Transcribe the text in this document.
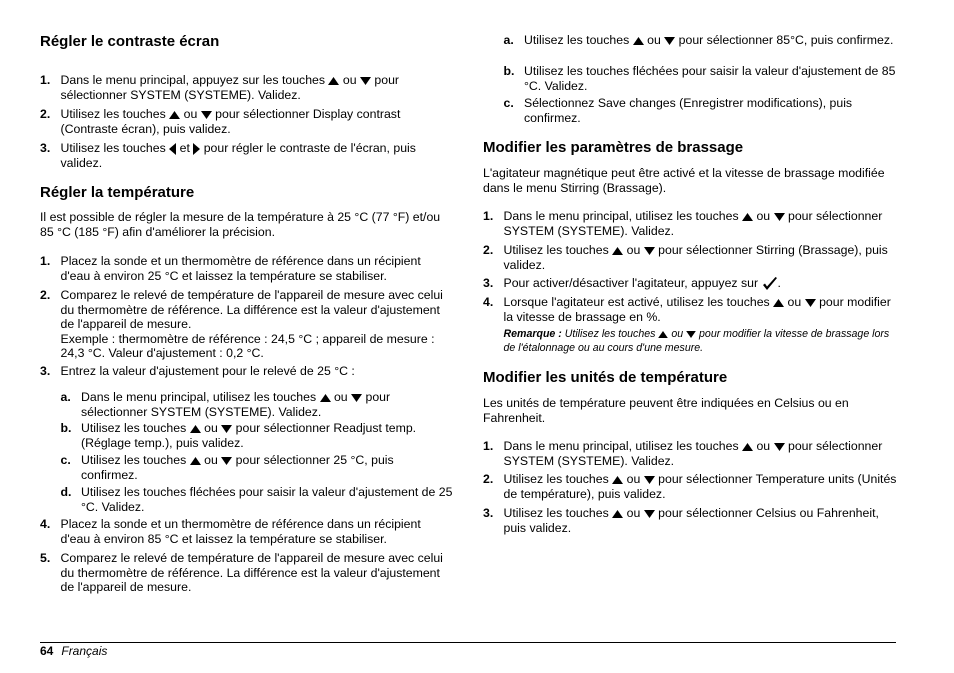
Régler le contraste écran
1. Dans le menu principal, appuyez sur les touches ou pour sélectionner SYSTEM (SYSTEME). Validez.
2. Utilisez les touches ou pour sélectionner Display contrast (Contraste écran), puis validez.
3. Utilisez les touches et pour régler le contraste de l'écran, puis validez.
Régler la température
Il est possible de régler la mesure de la température à 25 °C (77 °F) et/ou 85 °C (185 °F) afin d'améliorer la précision.
1. Placez la sonde et un thermomètre de référence dans un récipient d'eau à environ 25 °C et laissez la température se stabiliser.
2. Comparez le relevé de température de l'appareil de mesure avec celui du thermomètre de référence. La différence est la valeur d'ajustement de l'appareil de mesure.
Exemple : thermomètre de référence : 24,5 °C ; appareil de mesure : 24,3 °C. Valeur d'ajustement : 0,2 °C.
3. Entrez la valeur d'ajustement pour le relevé de 25 °C :
a. Dans le menu principal, utilisez les touches ou pour sélectionner SYSTEM (SYSTEME). Validez.
b. Utilisez les touches ou pour sélectionner Readjust temp. (Réglage temp.), puis validez.
c. Utilisez les touches ou pour sélectionner 25 °C, puis confirmez.
d. Utilisez les touches fléchées pour saisir la valeur d'ajustement de 25 °C. Validez.
4. Placez la sonde et un thermomètre de référence dans un récipient d'eau à environ 85 °C et laissez la température se stabiliser.
5. Comparez le relevé de température de l'appareil de mesure avec celui du thermomètre de référence. La différence est la valeur d'ajustement de l'appareil de mesure.
a. Utilisez les touches ou pour sélectionner 85°C, puis confirmez.
b. Utilisez les touches fléchées pour saisir la valeur d'ajustement de 85 °C. Validez.
c. Sélectionnez Save changes (Enregistrer modifications), puis confirmez.
Modifier les paramètres de brassage
L'agitateur magnétique peut être activé et la vitesse de brassage modifiée dans le menu Stirring (Brassage).
1. Dans le menu principal, utilisez les touches ou pour sélectionner SYSTEM (SYSTEME). Validez.
2. Utilisez les touches ou pour sélectionner Stirring (Brassage), puis validez.
3. Pour activer/désactiver l'agitateur, appuyez sur .
4. Lorsque l'agitateur est activé, utilisez les touches ou pour modifier la vitesse de brassage en %.
Remarque : Utilisez les touches ou pour modifier la vitesse de brassage lors de l'étalonnage ou au cours d'une mesure.
Modifier les unités de température
Les unités de température peuvent être indiquées en Celsius ou en Fahrenheit.
1. Dans le menu principal, utilisez les touches ou pour sélectionner SYSTEM (SYSTEME). Validez.
2. Utilisez les touches ou pour sélectionner Temperature units (Unités de température), puis validez.
3. Utilisez les touches ou pour sélectionner Celsius ou Fahrenheit, puis validez.
64 Français
